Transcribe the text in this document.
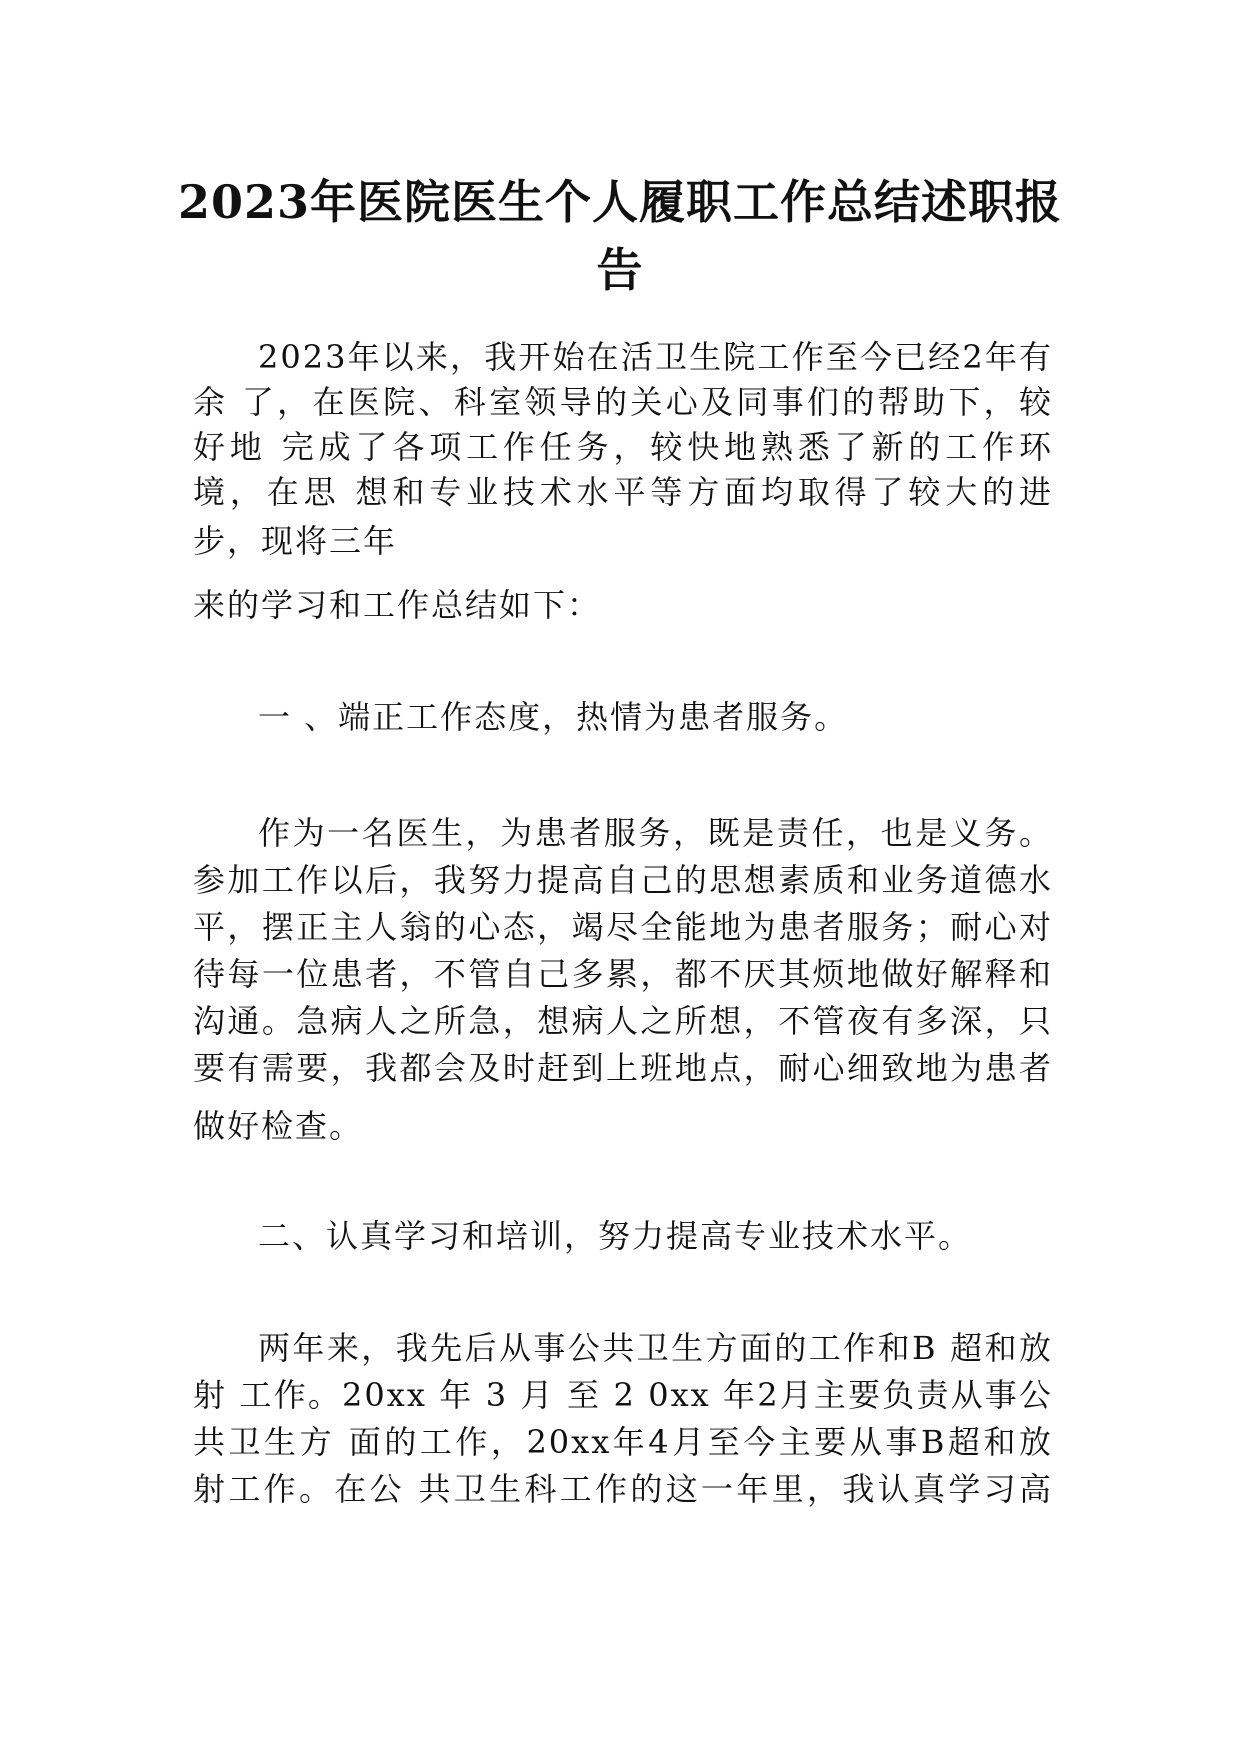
2023年医院医生个人履职工作总结述职报
告

2023年以来，我开始在活卫生院工作至今已经2年有

余 了，在医院、科室领导的关心及同事们的帮助下，较

好地 完成了各项工作任务，较快地熟悉了新的工作环

境，在思 想和专业技术水平等方面均取得了较大的进

步，现将三年

来的学习和工作总结如下：

一 、端正工作态度，热情为患者服务。

作为一名医生，为患者服务，既是责任，也是义务。

参加工作以后，我努力提高自己的思想素质和业务道德水

平，摆正主人翁的心态，竭尽全能地为患者服务；耐心对

待每一位患者，不管自己多累，都不厌其烦地做好解释和

沟通。急病人之所急，想病人之所想，不管夜有多深，只

要有需要，我都会及时赶到上班地点，耐心细致地为患者

做好检查。

二、认真学习和培训，努力提高专业技术水平。

两年来，我先后从事公共卫生方面的工作和B 超和放

射 工作。20xx 年 3 月 至 2 0xx 年2月主要负责从事公

共卫生方 面的工作，20xx年4月至今主要从事B超和放

射工作。在公 共卫生科工作的这一年里，我认真学习高
